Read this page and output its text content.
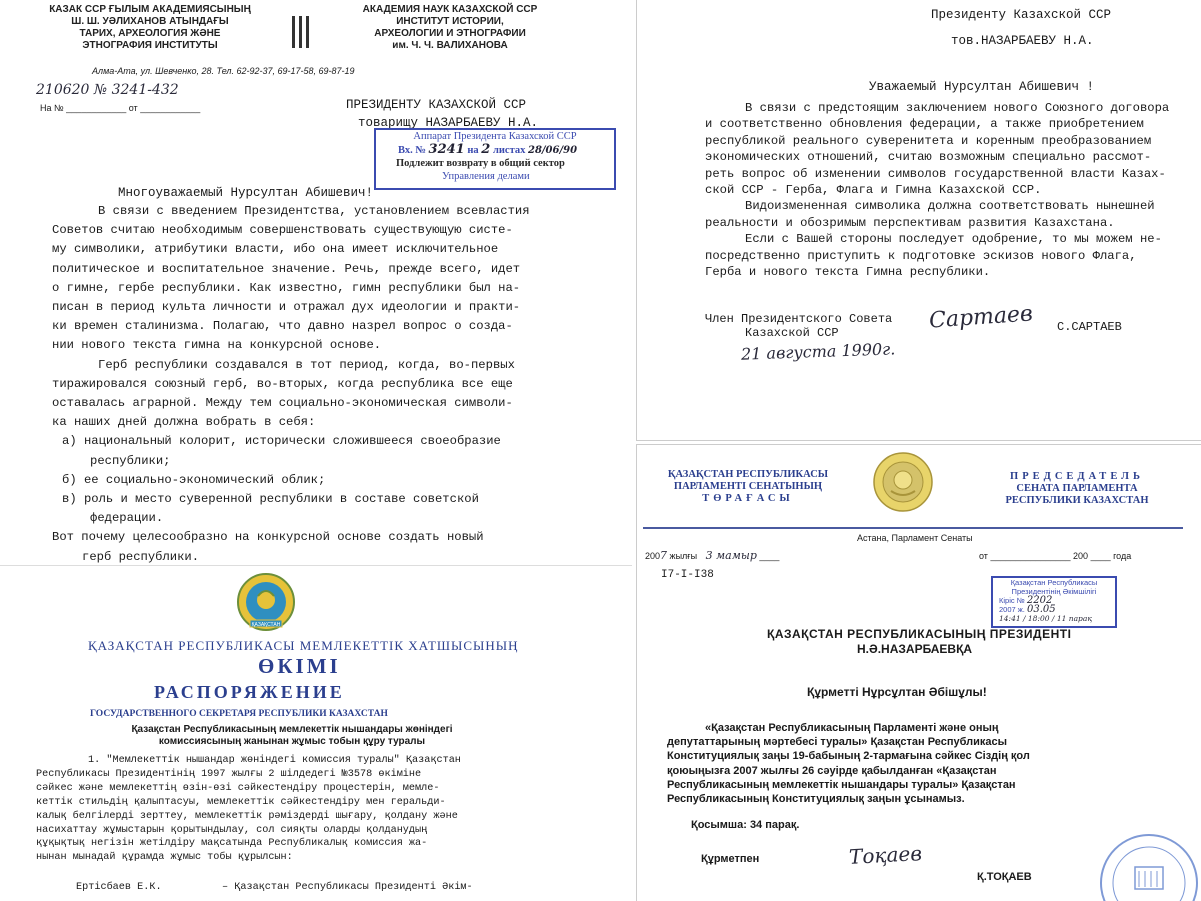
КАЗАК ССР ҒЫЛЫМ АКАДЕМИЯСЫНЫҢ
Ш. Ш. УӘЛИХАНОВ АТЫНДАҒЫ
ТАРИХ, АРХЕОЛОГИЯ ЖӘНЕ
ЭТНОГРАФИЯ ИНСТИТУТЫ
АКАДЕМИЯ НАУК КАЗАХСКОЙ ССР
ИНСТИТУТ ИСТОРИИ,
АРХЕОЛОГИИ И ЭТНОГРАФИИ
им. Ч. Ч. ВАЛИХАНОВА
Алма-Ата, ул. Шевченко, 28. Тел. 62-92-37, 69-17-58, 69-87-19
210620 № 3241-432
На № ____________ от ____________	ПРЕЗИДЕНТУ КАЗАХСКОЙ ССР
товарищу НАЗАРБАЕВУ Н.А.
Аппарат Президента Казахской ССР
Вх. № 3241 на 2 листах 28/06/90
Подлежит возврату в общий сектор
Управления делами
Многоуважаемый Нурсултан Абишевич!
В связи с введением Президентства, установлением всевластия
Советов считаю необходимым совершенствовать существующую систе-
му символики, атрибутики власти, ибо она имеет исключительное
политическое и воспитательное значение. Речь, прежде всего, идет
о гимне, гербе республики. Как известно, гимн республики был на-
писан в период культа личности и отражал дух идеологии и практи-
ки времен сталинизма. Полагаю, что давно назрел вопрос о созда-
нии нового текста гимна на конкурсной основе.
Герб республики создавался в тот период, когда, во-первых
тиражировался союзный герб, во-вторых, когда республика все еще
оставалась аграрной. Между тем социально-экономическая символи-
ка наших дней должна вобрать в себя:
а) национальный колорит, исторически сложившееся своеобразие
республики;
б) ее социально-экономический облик;
в) роль и место суверенной республики в составе советской
федерации.
Вот почему целесообразно на конкурсной основе создать новый
герб республики.
Президенту Казахской ССР
тов.НАЗАРБАЕВУ Н.А.
Уважаемый Нурсултан Абишевич !
В связи с предстоящим заключением нового Союзного договора
и соответственно обновления федерации, а также приобретением
республикой реального суверенитета и коренным преобразованием
экономических отношений, считаю возможным специально рассмот-
реть вопрос об изменении символов государственной власти Казах-
ской ССР - Герба, Флага и Гимна Казахской ССР.
Видоизмененная символика должна соответствовать нынешней
реальности и обозримым перспективам развития Казахстана.
Если с Вашей стороны последует одобрение, то мы можем не-
посредственно приступить к подготовке эскизов нового Флага,
Герба и нового текста Гимна республики.
Член Президентского Совета
Казахской ССР	Сартаев С.САРТАЕВ
21 августа 1990г.
ҚАЗАҚСТАН
ҚАЗАҚСТАН РЕСПУБЛИКАСЫ МЕМЛЕКЕТТІК ХАТШЫСЫНЫҢ
ӨКІМІ
РАСПОРЯЖЕНИЕ
ГОСУДАРСТВЕННОГО СЕКРЕТАРЯ РЕСПУБЛИКИ КАЗАХСТАН
Қазақстан Республикасының мемлекеттік нышандары жөніндегі
комиссиясының жанынан жұмыс тобын құру туралы
1. "Мемлекеттік нышандар жөніндегі комиссия туралы" Қазақстан
Республикасы Президентінің 1997 жылғы 2 шілдедегі №3578 өкіміне
сәйкес және мемлекеттің өзін-өзі сәйкестендіру процестерін, мемле-
кеттік стильдің қалыптасуы, мемлекеттік сәйкестендіру мен геральди-
калық белгілерді зерттеу, мемлекеттік рәміздерді шығару, қолдану және
насихаттау жұмыстарын қорытындылау, сол сияқты оларды қолданудың
құқықтық негізін жетілдіру мақсатында Республикалық комиссия жа-
нынан мынадай құрамда жұмыс тобы құрылсын:
Ертісбаев Е.К.	– Қазақстан Республикасы Президенті Әкім-
ҚАЗАҚСТАН РЕСПУБЛИКАСЫ
ПАРЛАМЕНТІ СЕНАТЫНЫҢ
ТӨРАҒАСЫ
ПРЕДСЕДАТЕЛЬ
СЕНАТА ПАРЛАМЕНТА
РЕСПУБЛИКИ КАЗАХСТАН
Астана, Парламент Сенаты
2007 жылғы 3 мамыр ____	от ________________ 200 ____ года
I7-I-I38
Қазақстан Республикасы
Президентінің Әкімшілігі
Кіріс № 2202
2007 ж. 03.05
14:41 / 18:00 / 11 парақ
ҚАЗАҚСТАН РЕСПУБЛИКАСЫНЫҢ ПРЕЗИДЕНТІ
Н.Ә.НАЗАРБАЕВҚА
Құрметті Нұрсұлтан Әбішұлы!
«Қазақстан Республикасының Парламенті және оның
депутаттарының мәртебесі туралы» Қазақстан Республикасы
Конституциялық заңы 19-бабының 2-тармағына сәйкес Сіздің қол
қоюыңызға 2007 жылғы 26 сәуірде қабылданған «Қазақстан
Республикасының мемлекеттік нышандары туралы» Қазақстан
Республикасының Конституциялық заңын ұсынамыз.
Қосымша: 34 парақ.
Құрметпен	Тоқаев
Қ.ТОҚАЕВ
